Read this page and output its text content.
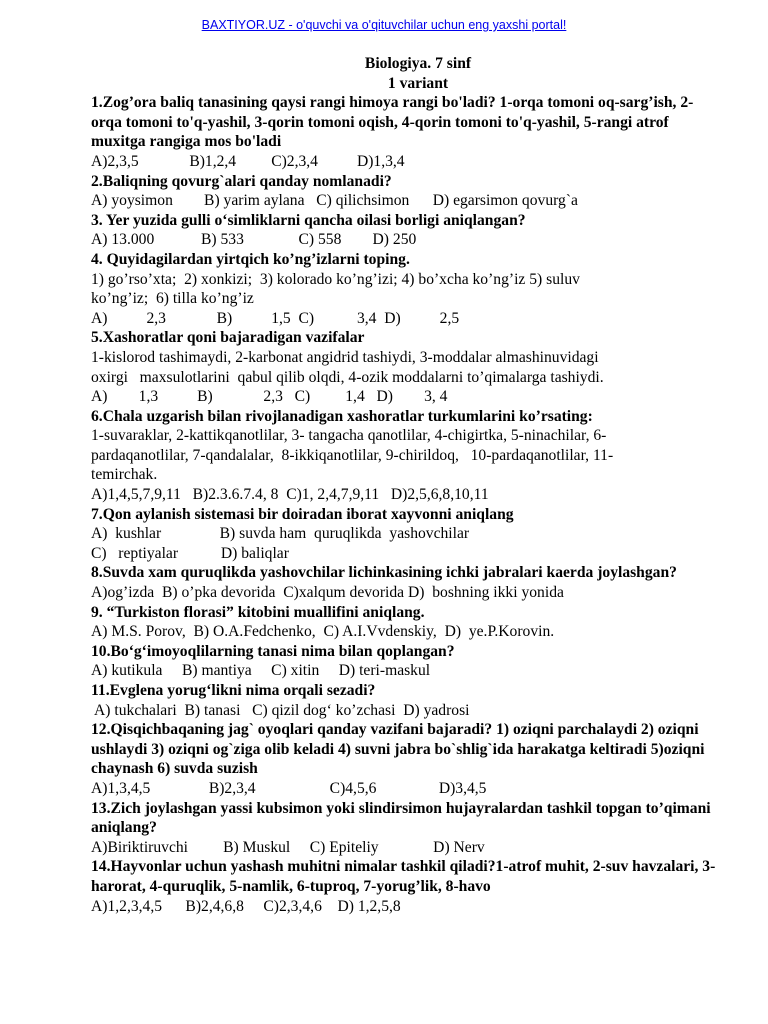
BAXTIYOR.UZ - o'quvchi va o'qituvchilar uchun eng yaxshi portal!

Biologiya. 7 sinf

1 variant

1.Zog’ora baliq tanasining qaysi rangi himoya rangi bo'ladi? 1-orqa tomoni oq-sarg’ish, 2-orqa tomoni to'q-yashil, 3-qorin tomoni oqish, 4-qorin tomoni to'q-yashil, 5-rangi atrof muxitga rangiga mos bo'ladi

A)2,3,5             B)1,2,4         C)2,3,4          D)1,3,4

2.Baliqning qovurg`alari qanday nomlanadi?

A) yoysimon        B) yarim aylana   C) qilichsimon      D) egarsimon qovurg`a

3. Yer yuzida gulli o‘simliklarni qancha oilasi borligi aniqlangan?

A) 13.000            B) 533              C) 558        D) 250

4. Quyidagilardan yirtqich ko’ng’izlarni toping.

1) go’rso’xta;  2) xonkizi;  3) kolorado ko’ng’izi; 4) bo’xcha ko’ng’iz 5) suluv

ko’ng’iz;  6) tilla ko’ng’iz

A)          2,3             B)          1,5  C)           3,4  D)          2,5

5.Xashoratlar qoni bajaradigan vazifalar

1-kislorod tashimaydi, 2-karbonat angidrid tashiydi, 3-moddalar almashinuvidagi

oxirgi   maxsulotlarini  qabul qilib olqdi, 4-ozik moddalarni to’qimalarga tashiydi.

A)        1,3          B)             2,3   C)         1,4   D)        3, 4

6.Chala uzgarish bilan rivojlanadigan xashoratlar turkumlarini ko’rsating:

1-suvaraklar, 2-kattikqanotlilar, 3- tangacha qanotlilar, 4-chigirtka, 5-ninachilar, 6-

pardaqanotlilar, 7-qandalalar,  8-ikkiqanotlilar, 9-chirildoq,   10-pardaqanotlilar, 11-

temirchak.

A)1,4,5,7,9,11   B)2.3.6.7.4, 8  C)1, 2,4,7,9,11   D)2,5,6,8,10,11

7.Qon aylanish sistemasi bir doiradan iborat xayvonni aniqlang

A)  kushlar               B) suvda ham  quruqlikda  yashovchilar

C)   reptiyalar           D) baliqlar

8.Suvda xam quruqlikda yashovchilar lichinkasining ichki jabralari kaerda joylashgan?

A)og’izda  B) o’pka devorida  C)xalqum devorida D)  boshning ikki yonida

9. “Turkiston florasi” kitobini muallifini aniqlang.

A) M.S. Porov,  B) O.A.Fedchenko,  C) A.I.Vvdenskiy,  D)  ye.P.Korovin.

10.Bo‘g‘imoyoqlilarning tanasi nima bilan qoplangan?

A) kutikula     B) mantiya     C) xitin     D) teri-maskul

11.Evglena yorug‘likni nima orqali sezadi?

A) tukchalari  B) tanasi   C) qizil dog‘ ko’zchasi  D) yadrosi

12.Qisqichbaqaning jag` oyoqlari qanday vazifani bajaradi? 1) oziqni parchalaydi 2) oziqni ushlaydi 3) oziqni og`ziga olib keladi 4) suvni jabra bo`shlig`ida harakatga keltiradi 5)oziqni chaynash 6) suvda suzish

A)1,3,4,5               B)2,3,4                   C)4,5,6                D)3,4,5

13.Zich joylashgan yassi kubsimon yoki slindirsimon hujayralardan tashkil topgan to’qimani aniqlang?

A)Biriktiruvchi         B) Muskul     C) Epiteliy              D) Nerv

14.Hayvonlar uchun yashash muhitni nimalar tashkil qiladi?1-atrof muhit, 2-suv havzalari, 3-harorat, 4-quruqlik, 5-namlik, 6-tuproq, 7-yorug’lik, 8-havo

A)1,2,3,4,5      B)2,4,6,8     C)2,3,4,6    D) 1,2,5,8
